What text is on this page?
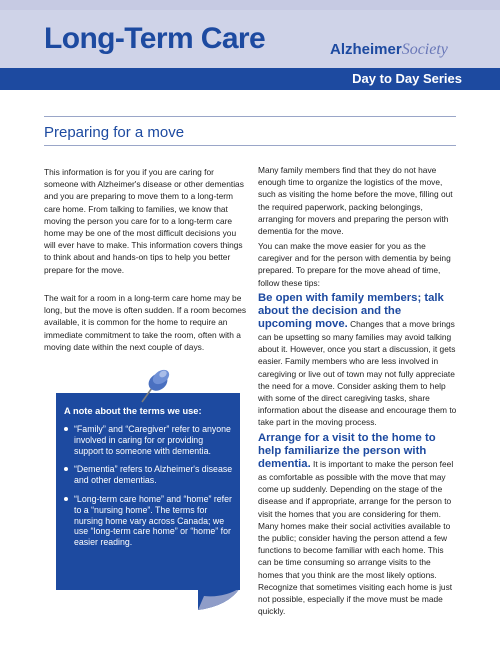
Long-Term Care	AlzheimerSociety
Day to Day Series
Preparing for a move

This information is for you if you are caring for someone with Alzheimer's disease or other dementias and you are preparing to move them to a long-term care home. From talking to families, we know that moving the person you care for to a long-term care home may be one of the most difficult decisions you will ever have to make. This information covers things to think about and hands-on tips to help you better prepare for the move.

The wait for a room in a long-term care home may be long, but the move is often sudden. If a room becomes available, it is common for the home to require an immediate commitment to take the room, often with a moving date within the next couple of days.

A note about the terms we use:
“Family” and “Caregiver” refer to anyone involved in caring for or providing support to someone with dementia.
“Dementia” refers to Alzheimer's disease and other dementias.
“Long-term care home” and “home” refer to a “nursing home”. The terms for nursing home vary across Canada; we use “long-term care home” or “home” for easier reading.

Many family members find that they do not have enough time to organize the logistics of the move, such as visiting the home before the move, filling out the required paperwork, packing belongings, arranging for movers and preparing the person with dementia for the move.

You can make the move easier for you as the caregiver and for the person with dementia by being prepared. To prepare for the move ahead of time, follow these tips:

Be open with family members; talk about the decision and the upcoming move. Changes that a move brings can be upsetting so many families may avoid talking about it. However, once you start a discussion, it gets easier. Family members who are less involved in caregiving or live out of town may not fully appreciate the need for a move. Consider asking them to help with some of the direct caregiving tasks, share information about the disease and encourage them to take part in the moving process.
Arrange for a visit to the home to help familiarize the person with dementia. It is important to make the person feel as comfortable as possible with the move that may come up suddenly. Depending on the stage of the disease and if appropriate, arrange for the person to visit the homes that you are considering for them. Many homes make their social activities available to the public; consider having the person attend a few functions to become familiar with each home. This can be time consuming so arrange visits to the homes that you think are the most likely options. Recognize that sometimes visiting each home is just not possible, especially if the move must be made quickly.
